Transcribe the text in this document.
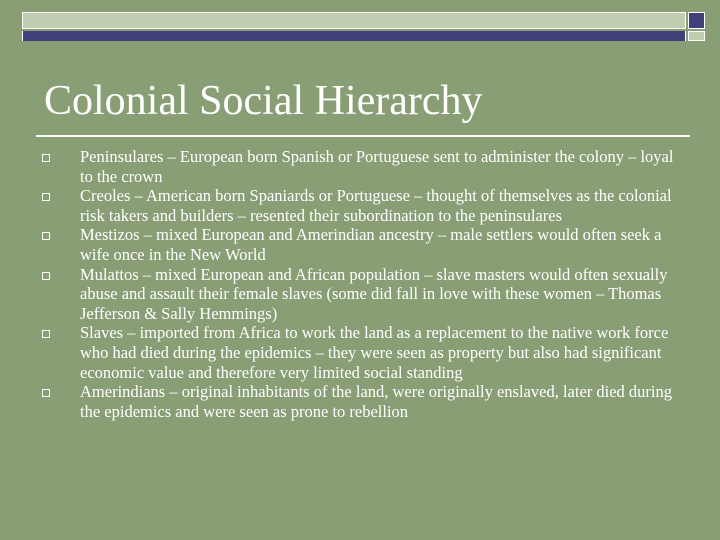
Colonial Social Hierarchy
Peninsulares – European born Spanish or Portuguese sent to administer the colony – loyal to the crown
Creoles – American born Spaniards or Portuguese – thought of themselves as the colonial risk takers and builders – resented their subordination to the peninsulares
Mestizos – mixed European and Amerindian ancestry – male settlers would often seek a wife once in the New World
Mulattos – mixed European and African population – slave masters would often sexually abuse and assault their female slaves (some did fall in love with these women – Thomas Jefferson & Sally Hemmings)
Slaves – imported from Africa to work the land as a replacement to the native work force who had died during the epidemics – they were seen as property but also had significant economic value and therefore very limited social standing
Amerindians – original inhabitants of the land, were originally enslaved, later died during the epidemics and were seen as prone to rebellion
